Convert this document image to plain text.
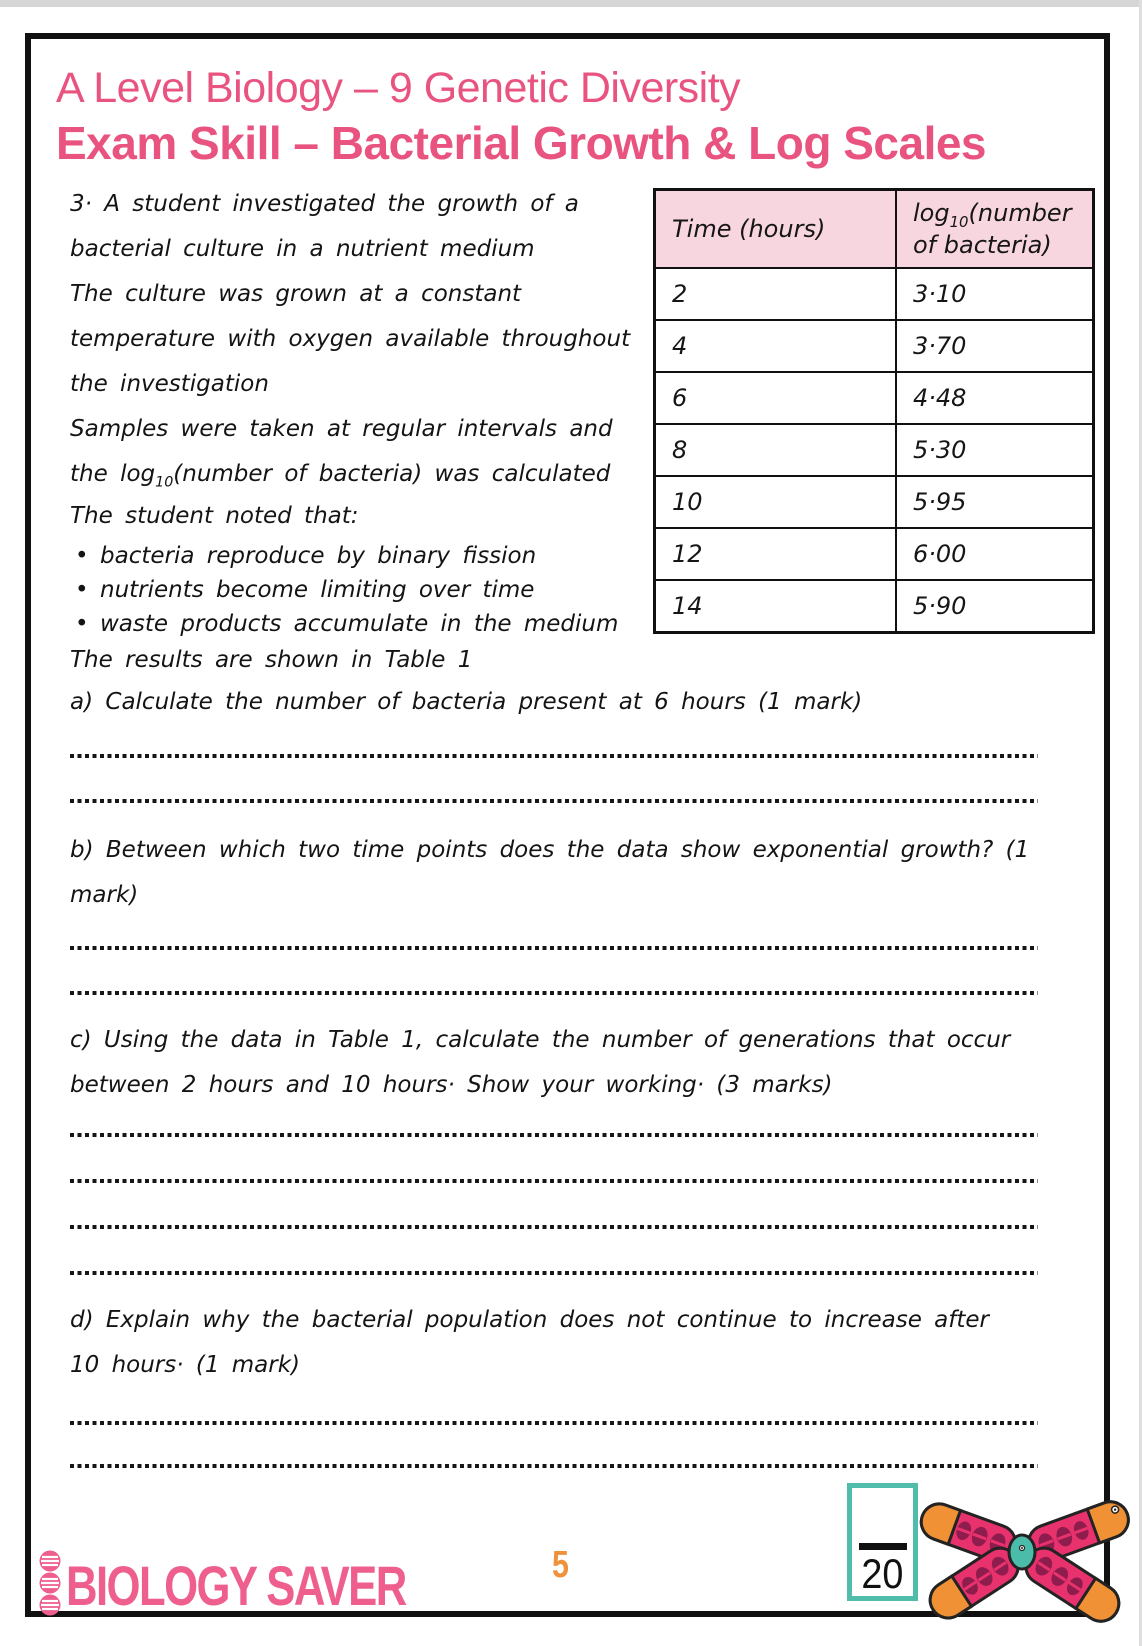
A Level Biology – 9 Genetic Diversity
Exam Skill – Bacterial Growth & Log Scales

3· A student investigated the growth of a bacterial culture in a nutrient medium

The culture was grown at a constant temperature with oxygen available throughout the investigation

Samples were taken at regular intervals and the $\log_{10}(number$ of bacteria) was calculated

The student noted that:

• bacteria reproduce by binary fission
• nutrients become limiting over time
• waste products accumulate in the medium
Time (hours)	$\log_{10}(number$ of bacteria)
2	3·10
4	3·70
6	4·48
8	5·30
10	5·95
12	6·00
14	5·90
The results are shown in Table 1
a) Calculate the number of bacteria present at 6 hours (1 mark)
b) Between which two time points does the data show exponential growth? (1 mark)
c) Using the data in Table 1, calculate the number of generations that occur between 2 hours and 10 hours· Show your working· (3 marks)
d) Explain why the bacterial population does not continue to increase after 10 hours· (1 mark)
BIOLOGY SAVER	5	20
